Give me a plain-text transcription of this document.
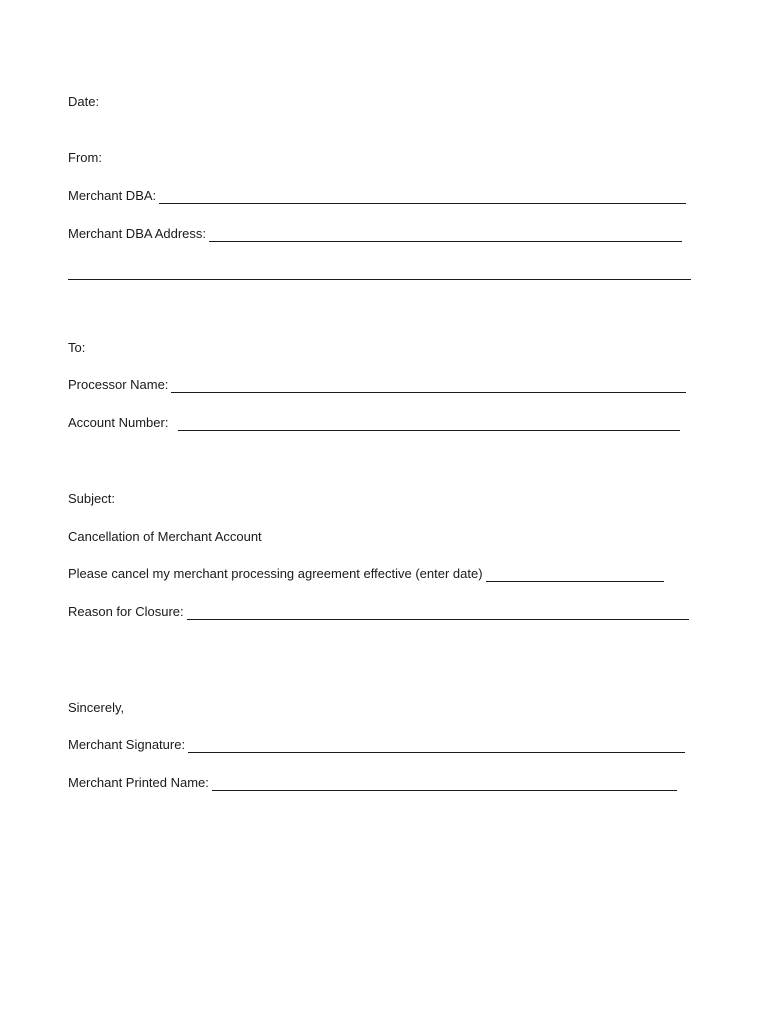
Date:
From:
Merchant DBA:
Merchant DBA Address:
To:
Processor Name:
Account Number:
Subject:
Cancellation of Merchant Account
Please cancel my merchant processing agreement effective (enter date)
Reason for Closure:
Sincerely,
Merchant Signature:
Merchant Printed Name:
